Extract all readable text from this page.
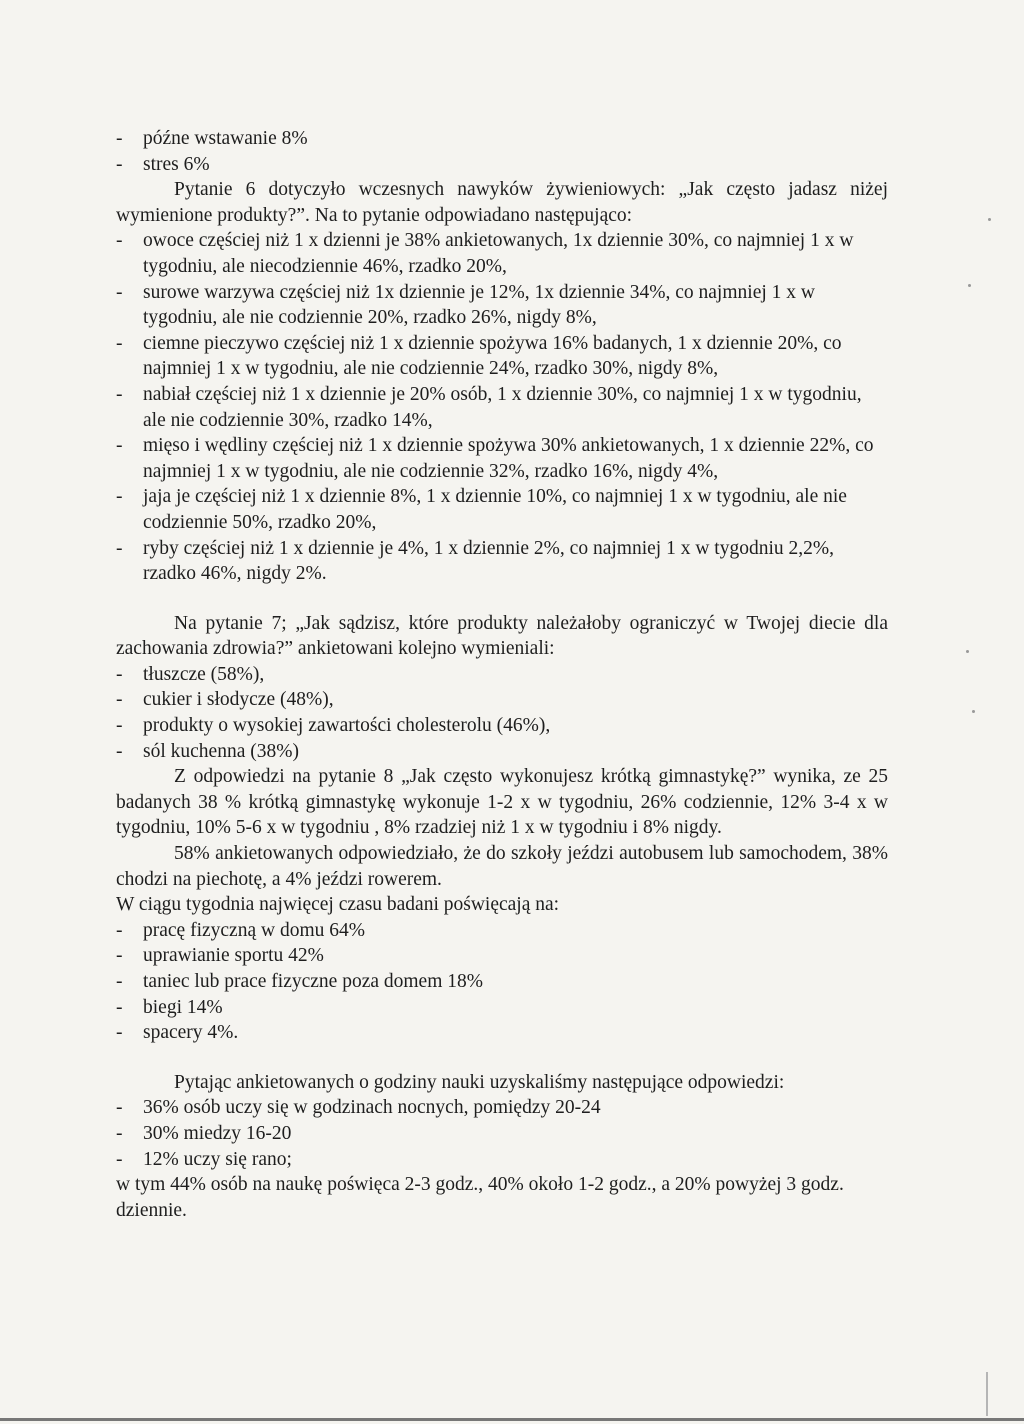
- późne wstawanie 8%
- stres 6%
Pytanie 6 dotyczyło wczesnych nawyków żywieniowych: „Jak często jadasz niżej wymienione produkty?”. Na to pytanie odpowiadano następująco:
- owoce częściej niż 1 x dzienni je 38% ankietowanych, 1x dziennie 30%, co najmniej 1 x w tygodniu, ale niecodziennie 46%, rzadko 20%,
- surowe warzywa częściej niż 1x dziennie je 12%, 1x dziennie 34%, co najmniej 1 x w tygodniu, ale nie codziennie 20%, rzadko 26%, nigdy 8%,
- ciemne pieczywo częściej niż 1 x dziennie spożywa 16% badanych, 1 x dziennie 20%, co najmniej 1 x w tygodniu, ale nie codziennie 24%, rzadko 30%, nigdy 8%,
- nabiał częściej niż 1 x dziennie je 20% osób, 1 x dziennie 30%, co najmniej 1 x w tygodniu, ale nie codziennie 30%, rzadko 14%,
- mięso i wędliny częściej niż 1 x dziennie spożywa 30% ankietowanych, 1 x dziennie 22%, co najmniej 1 x w tygodniu, ale nie codziennie 32%, rzadko 16%, nigdy 4%,
- jaja je częściej niż 1 x dziennie 8%, 1 x dziennie 10%, co najmniej 1 x w tygodniu, ale nie codziennie 50%, rzadko 20%,
- ryby częściej niż 1 x dziennie je 4%, 1 x dziennie 2%, co najmniej 1 x w tygodniu 2,2%, rzadko 46%, nigdy 2%.
Na pytanie 7; „Jak sądzisz, które produkty należałoby ograniczyć w Twojej diecie dla zachowania zdrowia?” ankietowani kolejno wymieniali:
- tłuszcze (58%),
- cukier i słodycze (48%),
- produkty o wysokiej zawartości cholesterolu (46%),
- sól kuchenna (38%)
Z odpowiedzi na pytanie 8 „Jak często wykonujesz krótką gimnastykę?” wynika, ze 25 badanych 38 % krótką gimnastykę wykonuje 1-2 x w tygodniu, 26% codziennie, 12% 3-4 x w tygodniu, 10% 5-6 x w tygodniu , 8% rzadziej niż 1 x w tygodniu i 8% nigdy.
58% ankietowanych odpowiedziało, że do szkoły jeździ autobusem lub samochodem, 38% chodzi na piechotę, a 4% jeździ rowerem.
W ciągu tygodnia najwięcej czasu badani poświęcają na:
- pracę fizyczną w domu 64%
- uprawianie sportu 42%
- taniec lub prace fizyczne poza domem 18%
- biegi 14%
- spacery 4%.
Pytając ankietowanych o godziny nauki uzyskaliśmy następujące odpowiedzi:
- 36% osób uczy się w godzinach nocnych, pomiędzy 20-24
- 30% miedzy 16-20
- 12% uczy się rano;
w tym 44% osób na naukę poświęca 2-3 godz., 40% około 1-2 godz., a 20% powyżej 3 godz. dziennie.
